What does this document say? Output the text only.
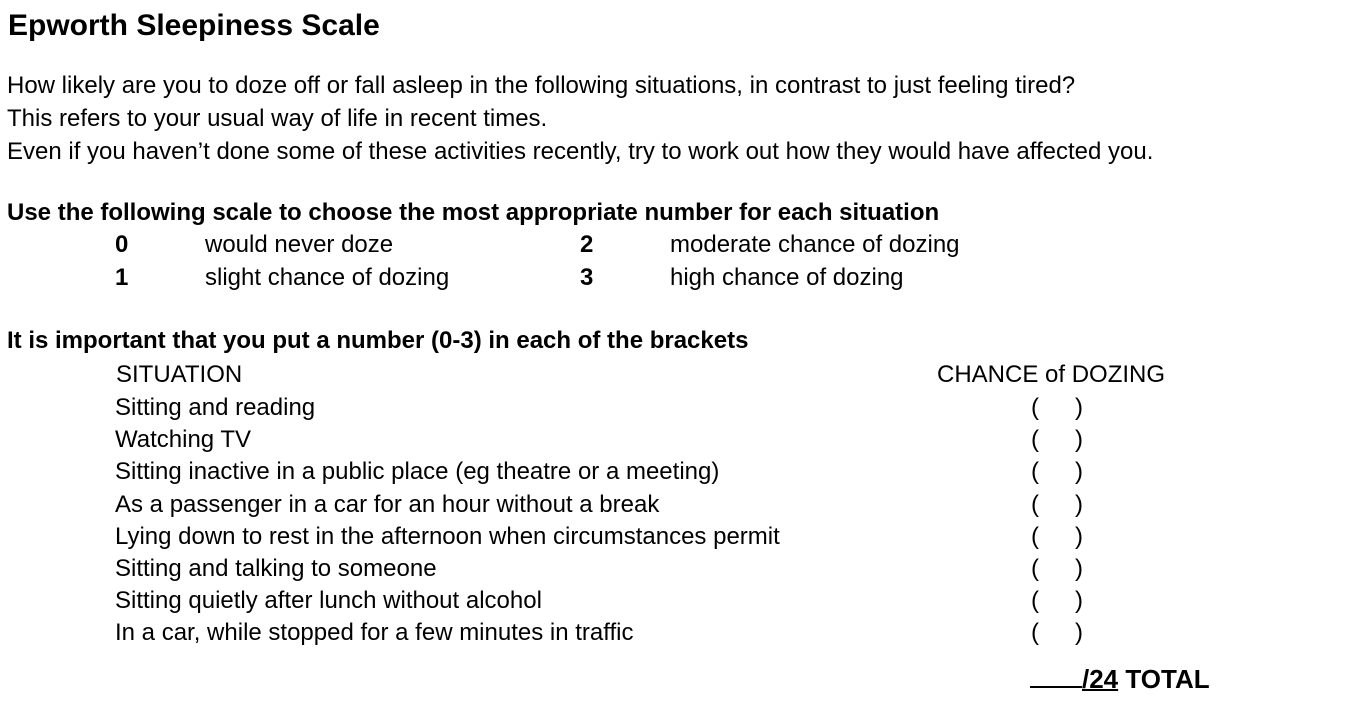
Epworth Sleepiness Scale
How likely are you to doze off or fall asleep in the following situations, in contrast to just feeling tired?
This refers to your usual way of life in recent times.
Even if you haven’t done some of these activities recently, try to work out how they would have affected you.
Use the following scale to choose the most appropriate number for each situation
0	would never doze	2	moderate chance of dozing
1	slight chance of dozing	3	high chance of dozing
It is important that you put a number (0-3) in each of the brackets
SITUATION	CHANCE of DOZING
Sitting and reading	( )
Watching TV	( )
Sitting inactive in a public place (eg theatre or a meeting)	( )
As a passenger in a car for an hour without a break	( )
Lying down to rest in the afternoon when circumstances permit	( )
Sitting and talking to someone	( )
Sitting quietly after lunch without alcohol	( )
In a car, while stopped for a few minutes in traffic	( )
/24 TOTAL
